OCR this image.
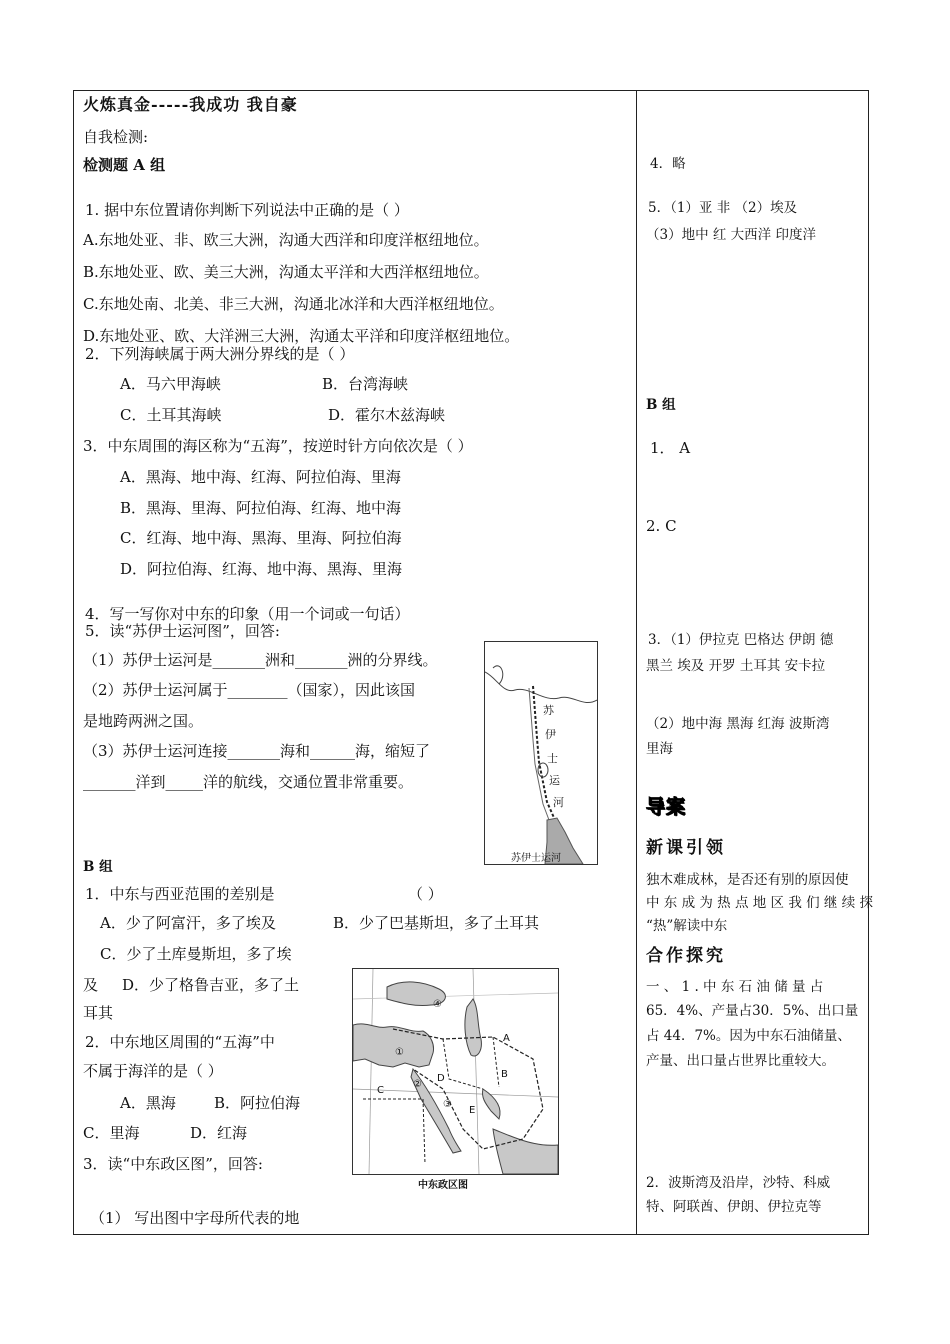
火炼真金-----我成功 我自豪
自我检测:
检测题 A 组
1. 据中东位置请你判断下列说法中正确的是（ ）
A.东地处亚、非、欧三大洲，沟通大西洋和印度洋枢纽地位。
B.东地处亚、欧、美三大洲，沟通太平洋和大西洋枢纽地位。
C.东地处南、北美、非三大洲，沟通北冰洋和大西洋枢纽地位。
D.东地处亚、欧、大洋洲三大洲，沟通太平洋和印度洋枢纽地位。
2．下列海峡属于两大洲分界线的是（ ）
A．马六甲海峡	B．台湾海峡
C．土耳其海峡	D．霍尔木兹海峡
3．中东周围的海区称为“五海”，按逆时针方向依次是（ ）
A．黑海、地中海、红海、阿拉伯海、里海
B．黑海、里海、阿拉伯海、红海、地中海
C．红海、地中海、黑海、里海、阿拉伯海
D．阿拉伯海、红海、地中海、黑海、里海
4．写一写你对中东的印象（用一个词或一句话）
5．读“苏伊士运河图”，回答:
（1）苏伊士运河是_______洲和_______洲的分界线。
（2）苏伊士运河属于________（国家），因此该国
是地跨两洲之国。
（3）苏伊士运河连接_______海和______海，缩短了
_______洋到_____洋的航线，交通位置非常重要。
苏
伊
士
运
河
苏伊士运河
B 组
1．中东与西亚范围的差别是	（ ）
A．少了阿富汗，多了埃及	B．少了巴基斯坦，多了土耳其
C．少了土库曼斯坦，多了埃
及 D．少了格鲁吉亚，多了土
耳其
2．中东地区周围的“五海”中
不属于海洋的是（ ）
A．黑海	B．阿拉伯海
C．里海	D．红海
3．读“中东政区图”，回答:
（1） 写出图中字母所代表的地
A
B
C
D
E
①
②
③
④
中东政区图
4．略
5．（1）亚 非 （2）埃及
（3）地中 红 大西洋 印度洋
B 组
1． A
2. C
3．（1）伊拉克 巴格达 伊朗 德
黑兰 埃及 开罗 土耳其 安卡拉
（2）地中海 黑海 红海 波斯湾
里海
导案
新课引领
独木难成林，是否还有别的原因使
中 东 成 为 热 点 地 区 我 们 继 续 探
“热”解读中东
合作探究
一 、 1 . 中 东 石 油 储 量 占
65．4%、产量占30．5%、出口量
占 44．7%。因为中东石油储量、
产量、出口量占世界比重较大。
2．波斯湾及沿岸，沙特、科威
特、阿联酋、伊朗、伊拉克等
